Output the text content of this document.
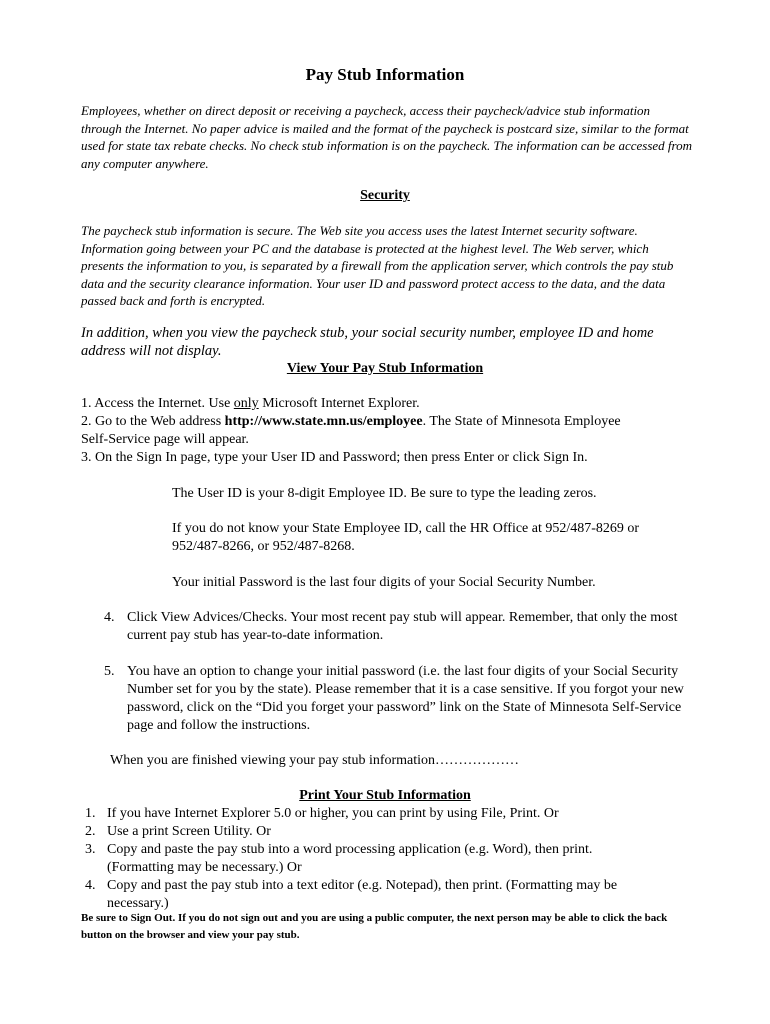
Pay Stub Information
Employees, whether on direct deposit or receiving a paycheck, access their paycheck/advice stub information through the Internet. No paper advice is mailed and the format of the paycheck is postcard size, similar to the format used for state tax rebate checks. No check stub information is on the paycheck. The information can be accessed from any computer anywhere.
Security
The paycheck stub information is secure. The Web site you access uses the latest Internet security software. Information going between your PC and the database is protected at the highest level. The Web server, which presents the information to you, is separated by a firewall from the application server, which controls the pay stub data and the security clearance information. Your user ID and password protect access to the data, and the data passed back and forth is encrypted.
In addition, when you view the paycheck stub, your social security number, employee ID and home address will not display.
View Your Pay Stub Information
1. Access the Internet. Use only Microsoft Internet Explorer.
2. Go to the Web address http://www.state.mn.us/employee. The State of Minnesota Employee
Self-Service page will appear.
3. On the Sign In page, type your User ID and Password; then press Enter or click Sign In.
The User ID is your 8-digit Employee ID. Be sure to type the leading zeros.
If you do not know your State Employee ID, call the HR Office at 952/487-8269 or 952/487-8266, or 952/487-8268.
Your initial Password is the last four digits of your Social Security Number.
4. Click View Advices/Checks. Your most recent pay stub will appear. Remember, that only the most current pay stub has year-to-date information.
5. You have an option to change your initial password (i.e. the last four digits of your Social Security Number set for you by the state). Please remember that it is a case sensitive. If you forgot your new password, click on the “Did you forget your password” link on the State of Minnesota Self-Service page and follow the instructions.
When you are finished viewing your pay stub information………………
Print Your Stub Information
1. If you have Internet Explorer 5.0 or higher, you can print by using File, Print. Or
2. Use a print Screen Utility. Or
3. Copy and paste the pay stub into a word processing application (e.g. Word), then print. (Formatting may be necessary.) Or
4. Copy and past the pay stub into a text editor (e.g. Notepad), then print. (Formatting may be necessary.)
Be sure to Sign Out. If you do not sign out and you are using a public computer, the next person may be able to click the back button on the browser and view your pay stub.
